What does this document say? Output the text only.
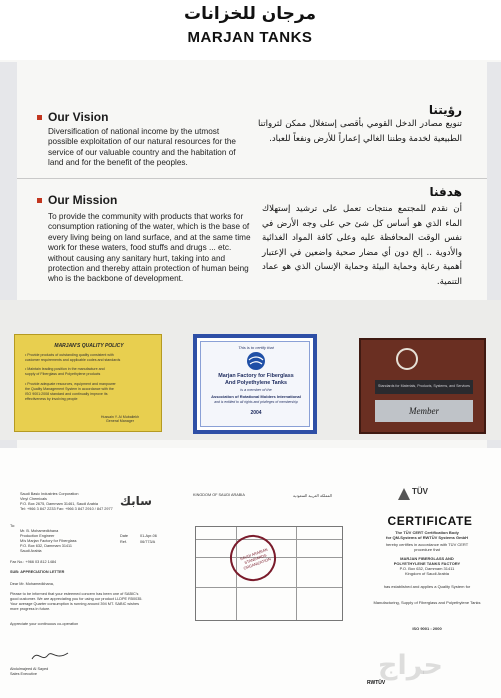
مرجان للخزانات
MARJAN TANKS
Our Vision
Diversification of national income by the utmost possible exploitation of our natural resources for the service of our valuable country and the habitation of land and for the benefit of the peoples.
رؤيتنا
تنويع مصادر الدخل القومي بأقصى إستغلال ممكن لثرواتنا الطبيعية لخدمة وطننا الغالي إعماراً للأرض ونفعاً للعباد.
Our Mission
To provide the community with products that works for consumption rationing of the water, which is the base of every living being on land surface, and at the same time work for these waters, food stuffs and drugs ... etc. without causing any sanitary hurt, taking into and protection and thereby attain protection of human being who is the backbone of development.
هدفنا
أن نقدم للمجتمع منتجات تعمل على ترشيد إستهلاك الماء الذي هو أساس كل شئ حي على وجه الأرض في نفس الوقت المحافظة عليه وعلى كافة المواد الغذائية والأدوية .. إلخ دون أي مضار صحية واضعين في الإعتبار أهمية رعاية وحماية البيئة وحماية الإنسان الذي هو عماد التنمية.
MARJAN'S QUALITY POLICY
• Provide products of outstanding quality consistent with
customer requirements and applicable codes and standards
• Maintain leading position in the manufacture and
supply of Fiberglass and Polyethylene products
• Provide adequate resources, equipment and manpower
the Quality Management System in accordance with the
ISO 9001:2008 standard and continually improve its
effectiveness by involving people
Hussain Y. Al Mubailekh
General Manager
This is to certify that
Marjan Factory for Fiberglass
And Polyethylene Tanks
is a member of the
Association of Rotational Molders International
and is entitled to all rights and privileges of membership
2004
Standards for Materials, Products, Systems, and Services
Member
Saudi Basic Industries Corporation
Vinyl Chemicals
P.O. Box 2675, Dammam 31461, Saudi Arabia
Tel: +966 3 847 2233 Fax: +966 3 847 2910 / 847 2977
To:
Mr. B. Mohamedkhana
Production Engineer
M/s Marjan Factory for Fiberglass
P.O. Box 632, Dammam 31411
Saudi Arabia
Date	01-Apr-06
Ref.	06/773/A
Fax No.: +966 03 812 1484
SUB: APPRECIATION LETTER
Dear Mr. Mohamedkhana,
Please to be informed that your esteemed concern has been one of SABIC's
good customer. We are appreciating you for using our product LLDPE R50035.
Your average Quarter consumption is running around 394 MT. SABIC wishes
more progress in future.
Appreciate your continuous co-operation
Abdulmajeed Al Sayed
Sales Executive
سابك	KINGDOM OF SAUDI ARABIA	المملكة العربية السعودية
SAUDI ARABIAN STANDARDS ORGANIZATION
TÜV
CERTIFICATE
The TÜV CERT Certification Body
for QM-Systems of RWTÜV Systems GmbH
hereby certifies in accordance with TÜV CERT
procedure that
MARJAN FIBERGLASS AND
POLYETHYLENE TANKS FACTORY
P.O. Box 632, Dammam 31411
Kingdom of Saudi Arabia
has established and applies a Quality System for
Manufacturing, Supply of Fiberglass and Polyethylene Tanks
ISO 9001 : 2000
RWTÜV
حراج
